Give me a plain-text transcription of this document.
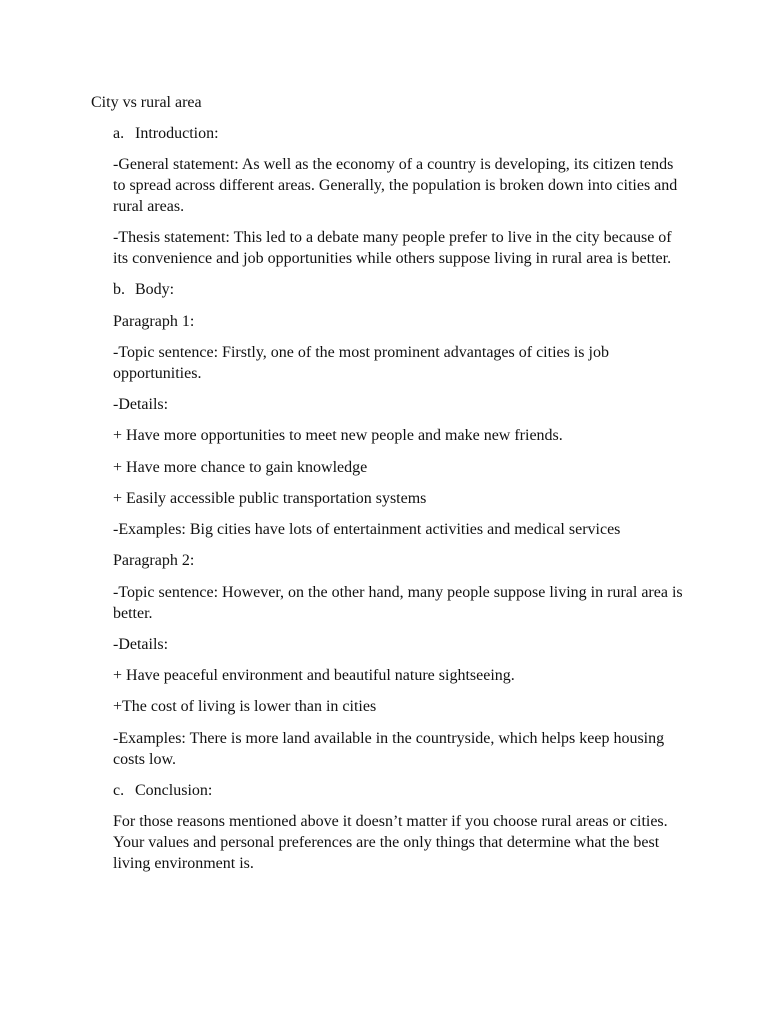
City vs rural area
a. Introduction:

-General statement: As well as the economy of a country is developing, its citizen tends to spread across different areas. Generally, the population is broken down into cities and rural areas.

-Thesis statement: This led to a debate many people prefer to live in the city because of its convenience and job opportunities while others suppose living in rural area is better.

b. Body:

Paragraph 1:

-Topic sentence: Firstly, one of the most prominent advantages of cities is job opportunities.

-Details:

+ Have more opportunities to meet new people and make new friends.

+ Have more chance to gain knowledge

+ Easily accessible public transportation systems

-Examples: Big cities have lots of entertainment activities and medical services

Paragraph 2:

-Topic sentence: However, on the other hand, many people suppose living in rural area is better.

-Details:

+ Have peaceful environment and beautiful nature sightseeing.

+The cost of living is lower than in cities

-Examples: There is more land available in the countryside, which helps keep housing costs low.

c. Conclusion:

For those reasons mentioned above it doesn’t matter if you choose rural areas or cities. Your values and personal preferences are the only things that determine what the best living environment is.
